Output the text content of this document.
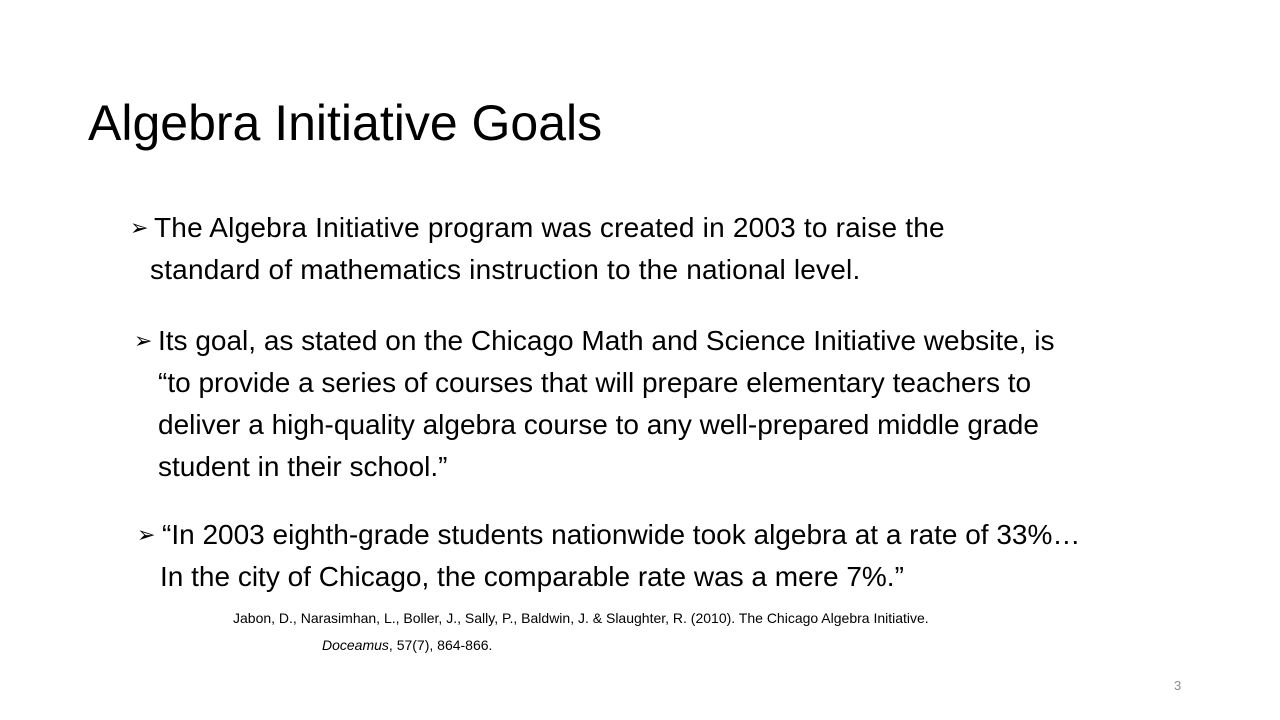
Algebra Initiative Goals
➢ The Algebra Initiative program was created in 2003 to raise the
standard of mathematics instruction to the national level.
➢ Its goal, as stated on the Chicago Math and Science Initiative website, is
“to provide a series of courses that will prepare elementary teachers to
deliver a high-quality algebra course to any well-prepared middle grade
student in their school.”
➢ “In 2003 eighth-grade students nationwide took algebra at a rate of 33%…
In the city of Chicago, the comparable rate was a mere 7%.”
Jabon, D., Narasimhan, L., Boller, J., Sally, P., Baldwin, J. & Slaughter, R. (2010). The Chicago Algebra Initiative.
Doceamus, 57(7), 864-866.
3
